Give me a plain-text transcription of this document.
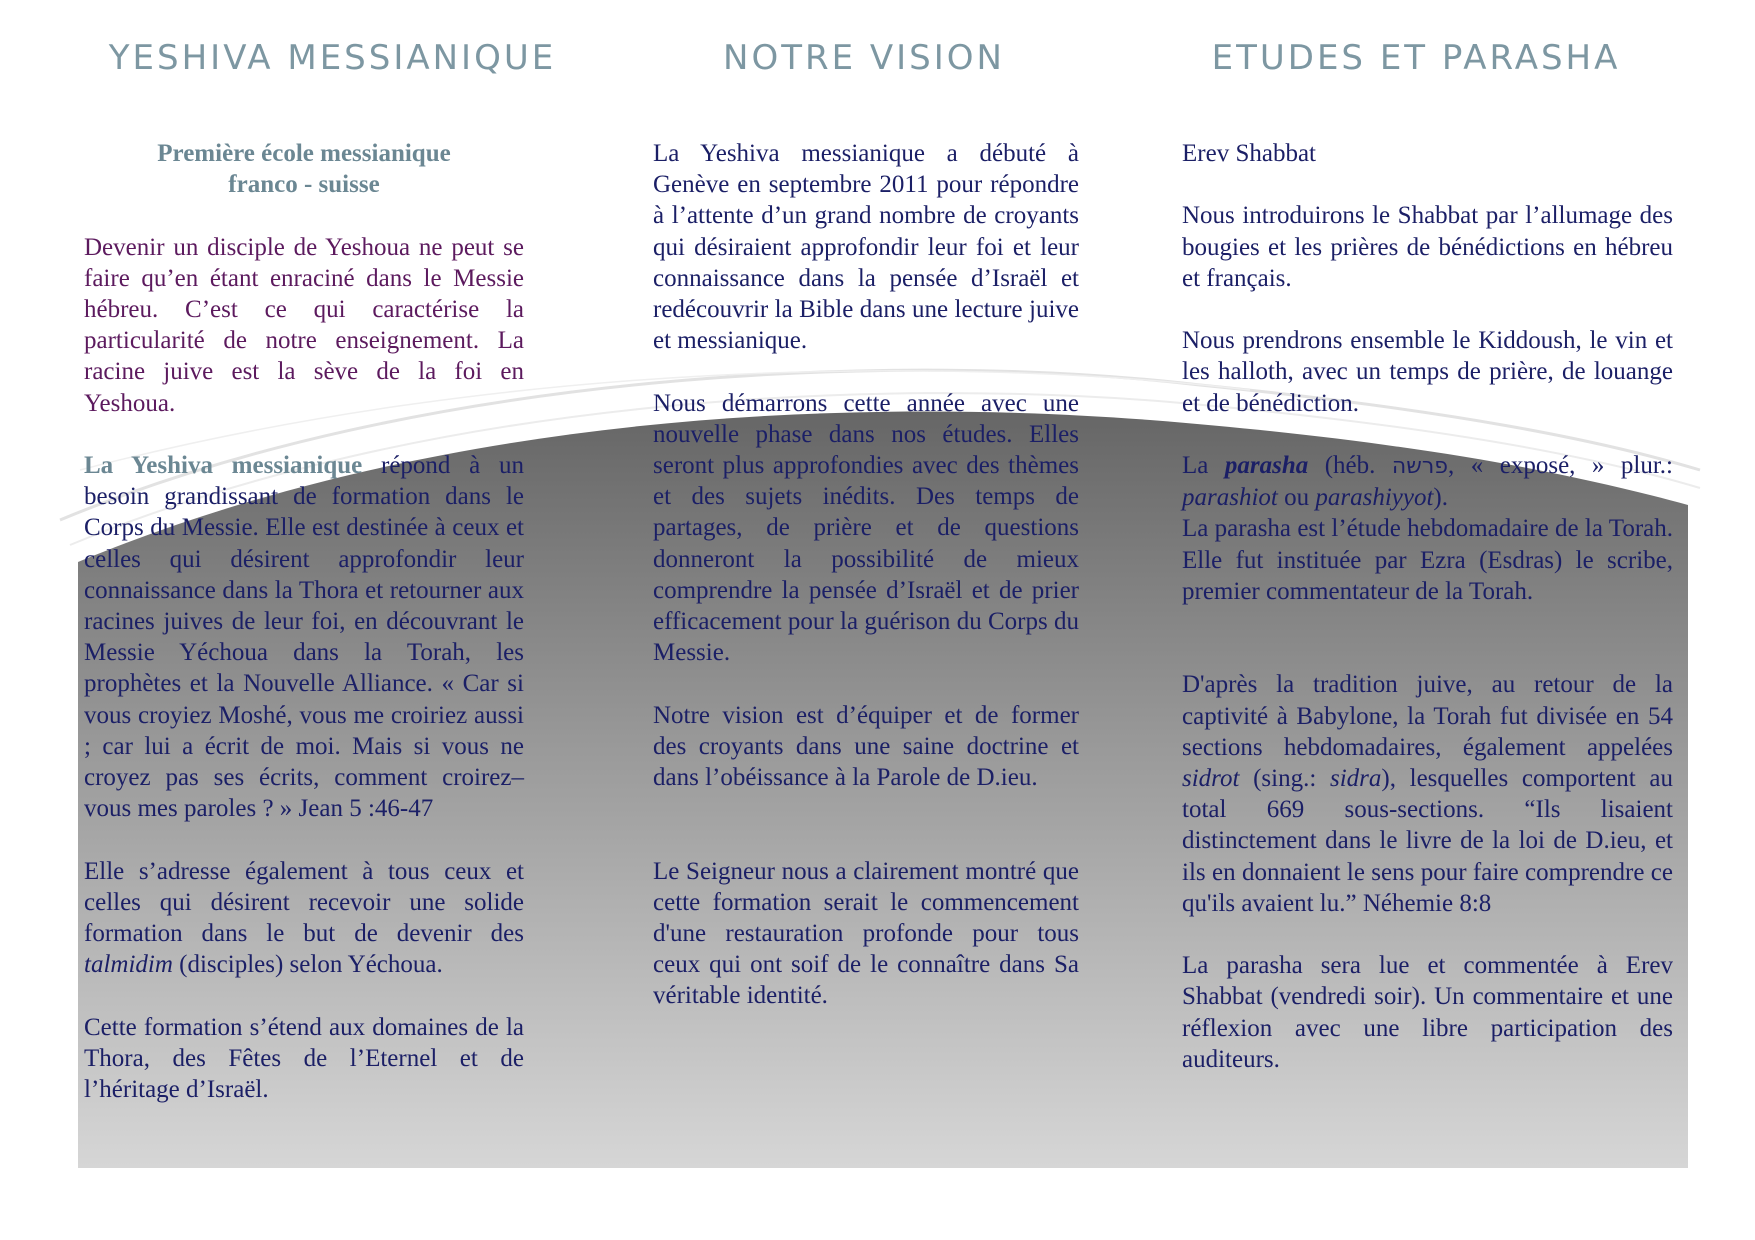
YESHIVA MESSIANIQUE	NOTRE VISION	ETUDES ET PARASHA
Première école messianique
franco - suisse

Devenir un disciple de Yeshoua ne peut se faire qu’en étant enraciné dans le Messie hébreu. C’est ce qui caractérise la particularité de notre enseignement. La racine juive est la sève de la foi en Yeshoua.

La Yeshiva messianique répond à un besoin grandissant de formation dans le Corps du Messie. Elle est destinée à ceux et celles qui désirent approfondir leur connaissance dans la Thora et retourner aux racines juives de leur foi, en découvrant le Messie Yéchoua dans la Torah, les prophètes et la Nouvelle Alliance. « Car si vous croyiez Moshé, vous me croiriez aussi ; car lui a écrit de moi. Mais si vous ne croyez pas ses écrits, comment croirez–vous mes paroles ? » Jean 5 :46-47

Elle s’adresse également à tous ceux et celles qui désirent recevoir une solide formation dans le but de devenir des talmidim (disciples) selon Yéchoua.

Cette formation s’étend aux domaines de la Thora, des Fêtes de l’Eternel et de l’héritage d’Israël.

La Yeshiva messianique a débuté à Genève en septembre 2011 pour répondre à l’attente d’un grand nombre de croyants qui désiraient approfondir leur foi et leur connaissance dans la pensée d’Israël et redécouvrir la Bible dans une lecture juive et messianique.

Nous démarrons cette année avec une nouvelle phase dans nos études. Elles seront plus approfondies avec des thèmes et des sujets inédits. Des temps de partages, de prière et de questions donneront la possibilité de mieux comprendre la pensée d’Israël et de prier efficacement pour la guérison du Corps du Messie.

Notre vision est d’équiper et de former des croyants dans une saine doctrine et dans l’obéissance à la Parole de D.ieu.

Le Seigneur nous a clairement montré que cette formation serait le commencement d'une restauration profonde pour tous ceux qui ont soif de le connaître dans Sa véritable identité.

Erev Shabbat

Nous introduirons le Shabbat par l’allumage des bougies et les prières de bénédictions en hébreu et français.

Nous prendrons ensemble le Kiddoush, le vin et les halloth, avec un temps de prière, de louange et de bénédiction.

La parasha (héb. פרשה, « exposé, » plur.: parashiot ou parashiyyot).
La parasha est l’étude hebdomadaire de la Torah. Elle fut instituée par Ezra (Esdras) le scribe, premier commentateur de la Torah.

D'après la tradition juive, au retour de la captivité à Babylone, la Torah fut divisée en 54 sections hebdomadaires, également appelées sidrot (sing.: sidra), lesquelles comportent au total 669 sous-sections. “Ils lisaient distinctement dans le livre de la loi de D.ieu, et ils en donnaient le sens pour faire comprendre ce qu'ils avaient lu.” Néhemie 8:8

La parasha sera lue et commentée à Erev Shabbat (vendredi soir). Un commentaire et une réflexion avec une libre participation des auditeurs.
